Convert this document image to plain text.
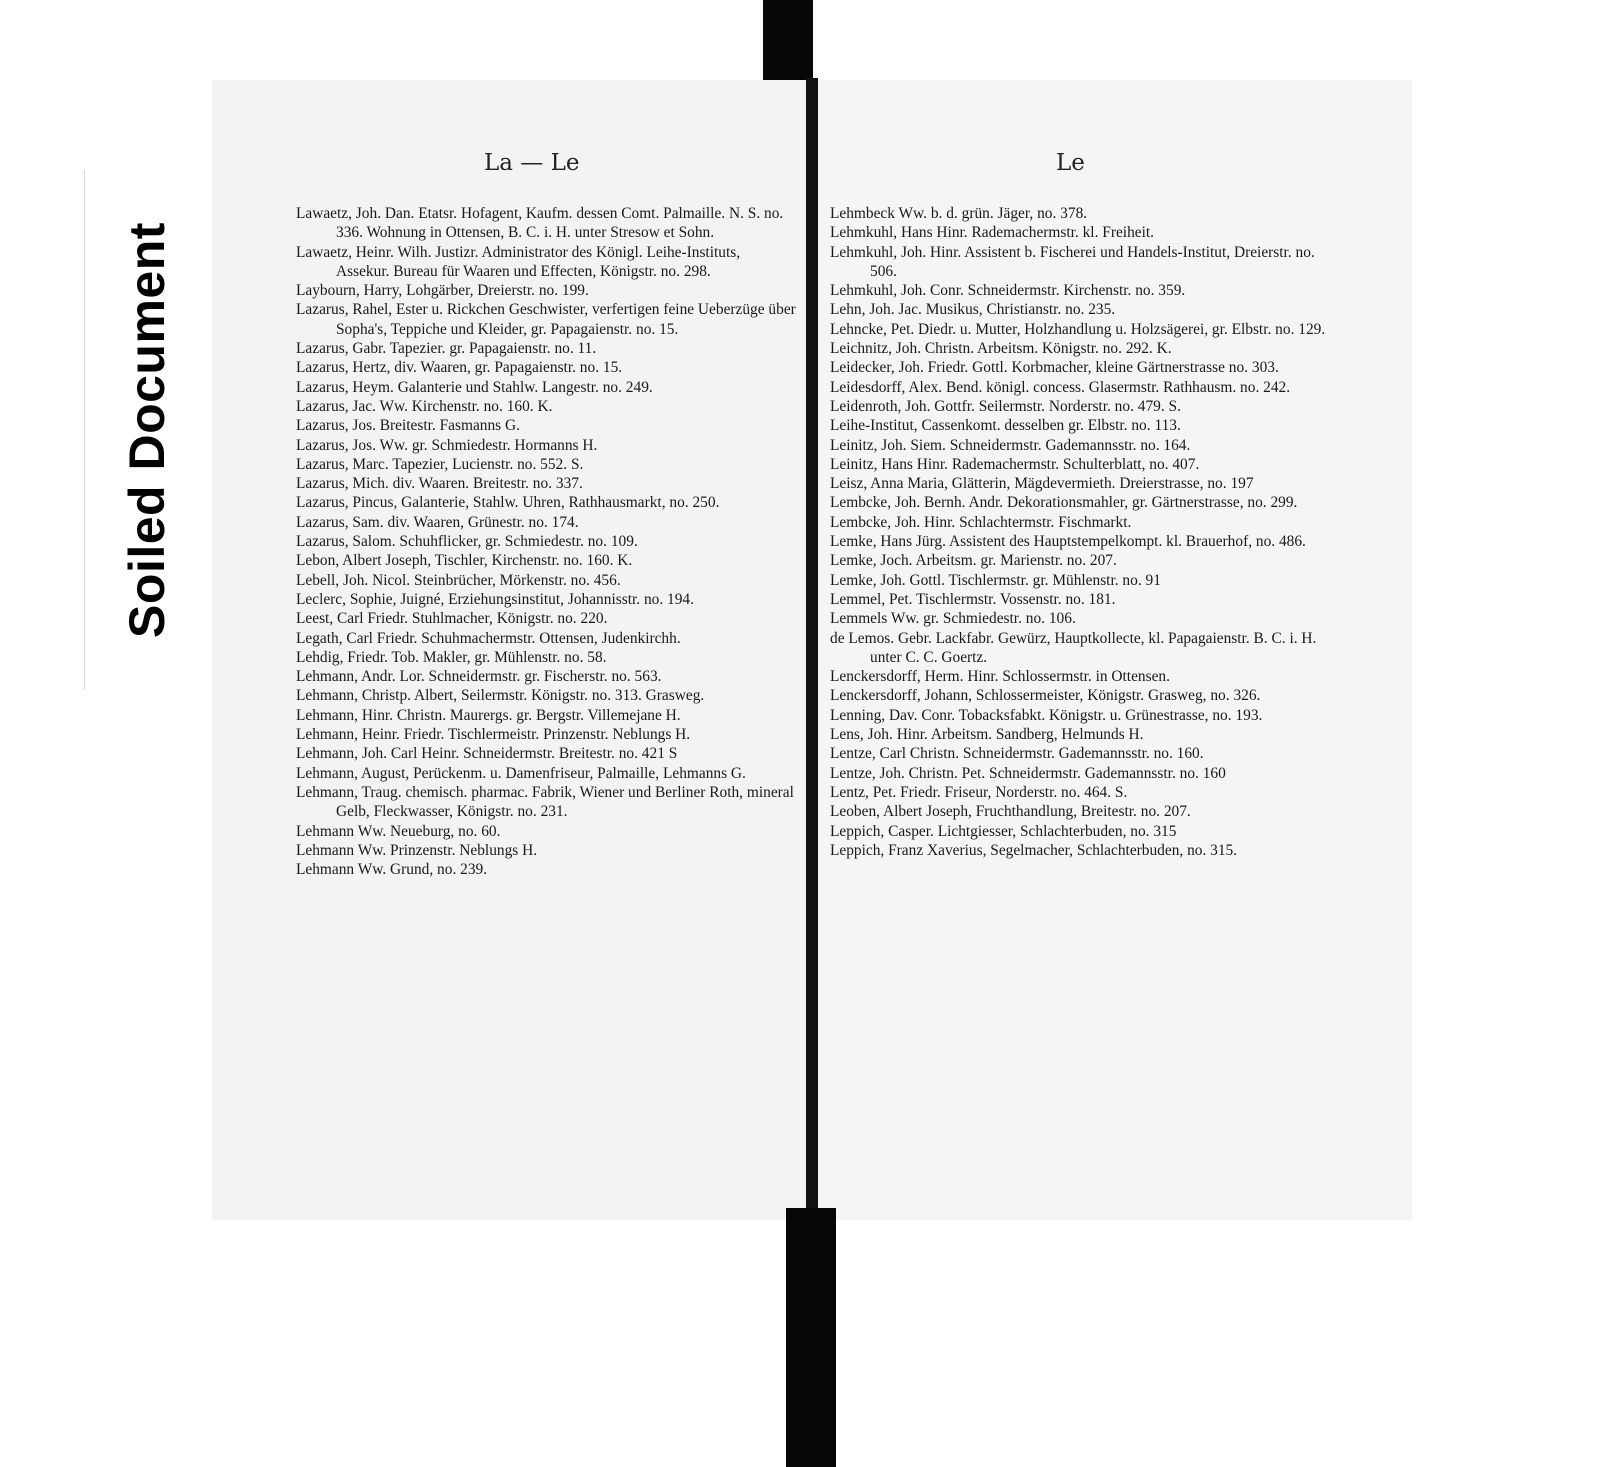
Soiled Document
La — Le	Le
Lawaetz, Joh. Dan. Etatsr. Hofagent, Kaufm. dessen Comt. Palmaille. N. S. no. 336. Wohnung in Ottensen, B. C. i. H. unter Stresow et Sohn.
Lawaetz, Heinr. Wilh. Justizr. Administrator des Königl. Leihe-Instituts, Assekur. Bureau für Waaren und Effecten, Königstr. no. 298.
Laybourn, Harry, Lohgärber, Dreierstr. no. 199.
Lazarus, Rahel, Ester u. Rickchen Geschwister, verfertigen feine Ueberzüge über Sopha's, Teppiche und Kleider, gr. Papagaienstr. no. 15.
Lazarus, Gabr. Tapezier. gr. Papagaienstr. no. 11.
Lazarus, Hertz, div. Waaren, gr. Papagaienstr. no. 15.
Lazarus, Heym. Galanterie und Stahlw. Langestr. no. 249.
Lazarus, Jac. Ww. Kirchenstr. no. 160. K.
Lazarus, Jos. Breitestr. Fasmanns G.
Lazarus, Jos. Ww. gr. Schmiedestr. Hormanns H.
Lazarus, Marc. Tapezier, Lucienstr. no. 552. S.
Lazarus, Mich. div. Waaren. Breitestr. no. 337.
Lazarus, Pincus, Galanterie, Stahlw. Uhren, Rathhausmarkt, no. 250.
Lazarus, Sam. div. Waaren, Grünestr. no. 174.
Lazarus, Salom. Schuhflicker, gr. Schmiedestr. no. 109.
Lebon, Albert Joseph, Tischler, Kirchenstr. no. 160. K.
Lebell, Joh. Nicol. Steinbrücher, Mörkenstr. no. 456.
Leclerc, Sophie, Juigné, Erziehungsinstitut, Johannisstr. no. 194.
Leest, Carl Friedr. Stuhlmacher, Königstr. no. 220.
Legath, Carl Friedr. Schuhmachermstr. Ottensen, Judenkirchh.
Lehdig, Friedr. Tob. Makler, gr. Mühlenstr. no. 58.
Lehmann, Andr. Lor. Schneidermstr. gr. Fischerstr. no. 563.
Lehmann, Christp. Albert, Seilermstr. Königstr. no. 313. Grasweg.
Lehmann, Hinr. Christn. Maurergs. gr. Bergstr. Villemejane H.
Lehmann, Heinr. Friedr. Tischlermeistr. Prinzenstr. Neblungs H.
Lehmann, Joh. Carl Heinr. Schneidermstr. Breitestr. no. 421 S
Lehmann, August, Perückenm. u. Damenfriseur, Palmaille, Lehmanns G.
Lehmann, Traug. chemisch. pharmac. Fabrik, Wiener und Berliner Roth, mineral Gelb, Fleckwasser, Königstr. no. 231.
Lehmann Ww. Neueburg, no. 60.
Lehmann Ww. Prinzenstr. Neblungs H.
Lehmann Ww. Grund, no. 239.
Lehmbeck Ww. b. d. grün. Jäger, no. 378.
Lehmkuhl, Hans Hinr. Rademachermstr. kl. Freiheit.
Lehmkuhl, Joh. Hinr. Assistent b. Fischerei und Handels-Institut, Dreierstr. no. 506.
Lehmkuhl, Joh. Conr. Schneidermstr. Kirchenstr. no. 359.
Lehn, Joh. Jac. Musikus, Christianstr. no. 235.
Lehncke, Pet. Diedr. u. Mutter, Holzhandlung u. Holzsägerei, gr. Elbstr. no. 129.
Leichnitz, Joh. Christn. Arbeitsm. Königstr. no. 292. K.
Leidecker, Joh. Friedr. Gottl. Korbmacher, kleine Gärtnerstrasse no. 303.
Leidesdorff, Alex. Bend. königl. concess. Glasermstr. Rathhausm. no. 242.
Leidenroth, Joh. Gottfr. Seilermstr. Norderstr. no. 479. S.
Leihe-Institut, Cassenkomt. desselben gr. Elbstr. no. 113.
Leinitz, Joh. Siem. Schneidermstr. Gademannsstr. no. 164.
Leinitz, Hans Hinr. Rademachermstr. Schulterblatt, no. 407.
Leisz, Anna Maria, Glätterin, Mägdevermieth. Dreierstrasse, no. 197
Lembcke, Joh. Bernh. Andr. Dekorationsmahler, gr. Gärtnerstrasse, no. 299.
Lembcke, Joh. Hinr. Schlachtermstr. Fischmarkt.
Lemke, Hans Jürg. Assistent des Hauptstempelkompt. kl. Brauerhof, no. 486.
Lemke, Joch. Arbeitsm. gr. Marienstr. no. 207.
Lemke, Joh. Gottl. Tischlermstr. gr. Mühlenstr. no. 91
Lemmel, Pet. Tischlermstr. Vossenstr. no. 181.
Lemmels Ww. gr. Schmiedestr. no. 106.
de Lemos. Gebr. Lackfabr. Gewürz, Hauptkollecte, kl. Papagaienstr. B. C. i. H. unter C. C. Goertz.
Lenckersdorff, Herm. Hinr. Schlossermstr. in Ottensen.
Lenckersdorff, Johann, Schlossermeister, Königstr. Grasweg, no. 326.
Lenning, Dav. Conr. Tobacksfabkt. Königstr. u. Grünestrasse, no. 193.
Lens, Joh. Hinr. Arbeitsm. Sandberg, Helmunds H.
Lentze, Carl Christn. Schneidermstr. Gademannsstr. no. 160.
Lentze, Joh. Christn. Pet. Schneidermstr. Gademannsstr. no. 160
Lentz, Pet. Friedr. Friseur, Norderstr. no. 464. S.
Leoben, Albert Joseph, Fruchthandlung, Breitestr. no. 207.
Leppich, Casper. Lichtgiesser, Schlachterbuden, no. 315
Leppich, Franz Xaverius, Segelmacher, Schlachterbuden, no. 315.
